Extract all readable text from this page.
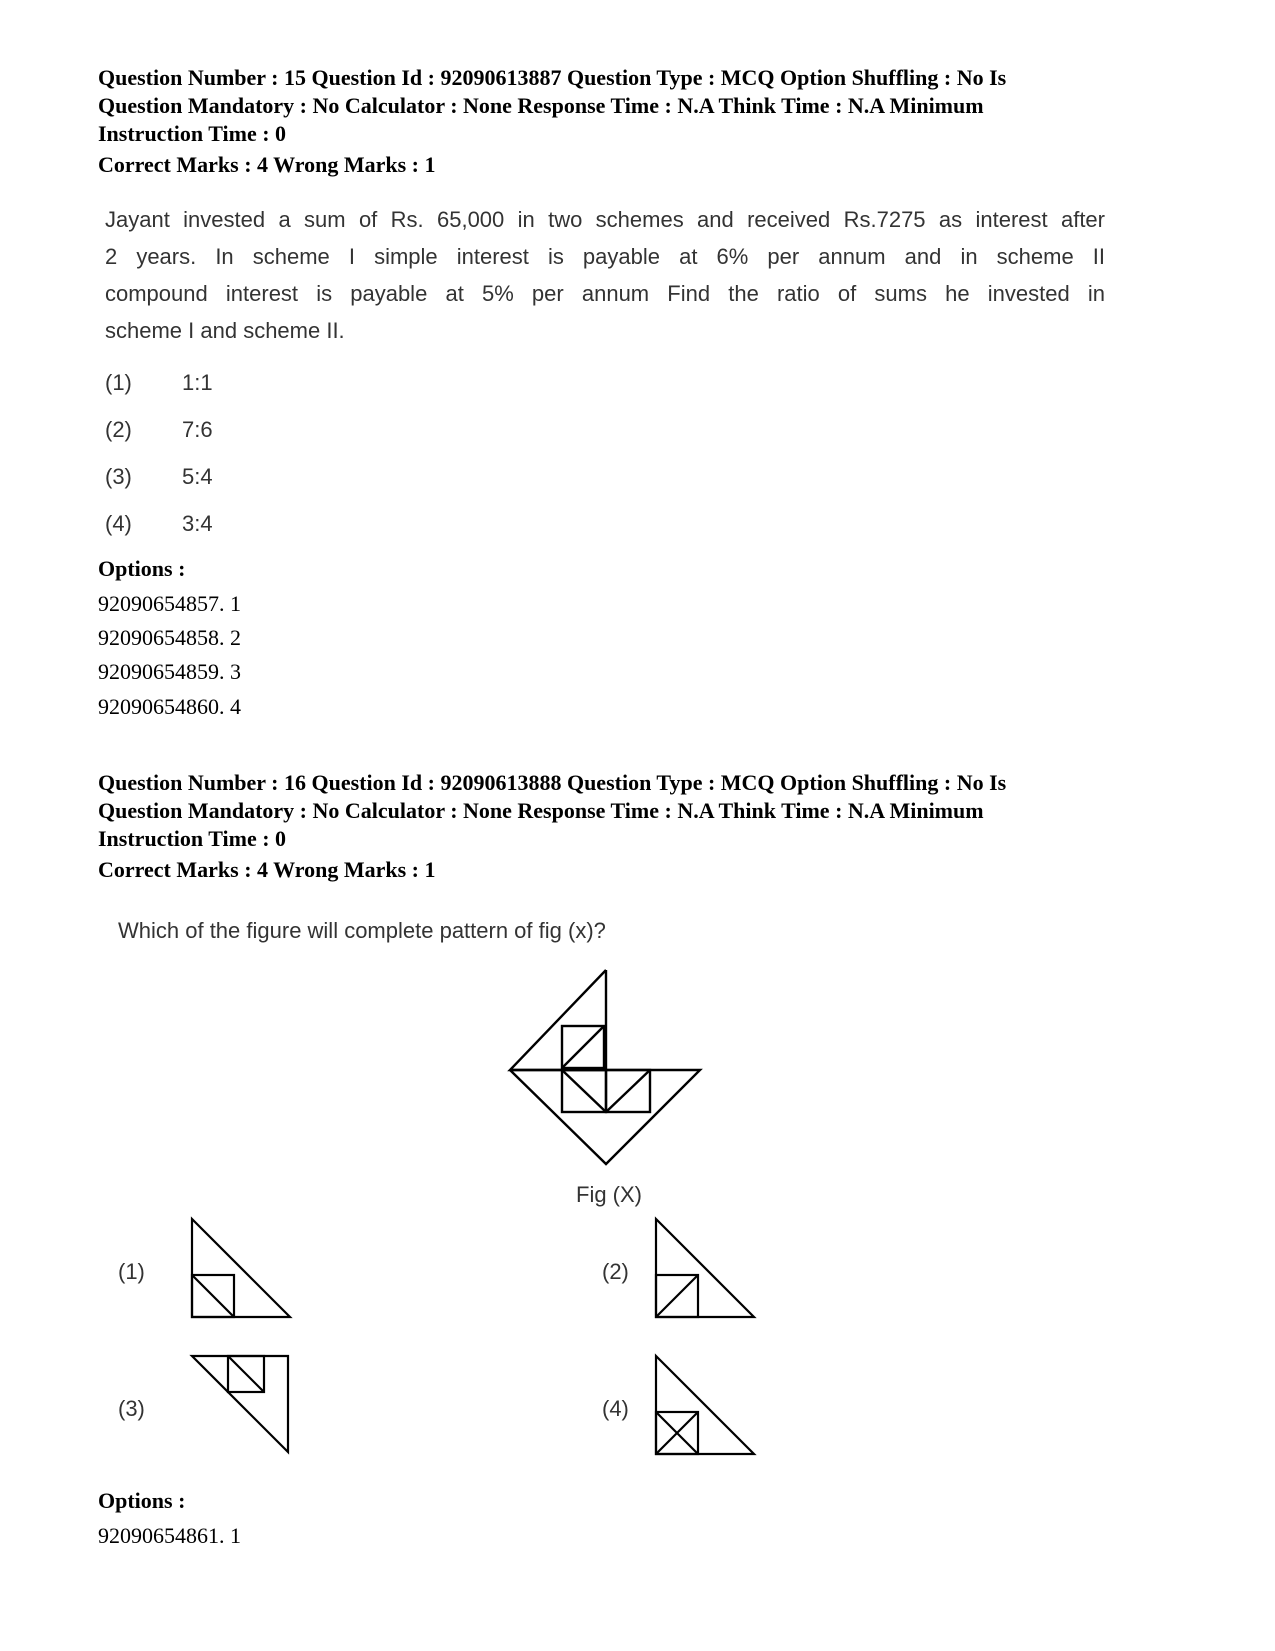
Question Number : 15 Question Id : 92090613887 Question Type : MCQ Option Shuffling : No Is
Question Mandatory : No Calculator : None Response Time : N.A Think Time : N.A Minimum
Instruction Time : 0
Correct Marks : 4 Wrong Marks : 1
Jayant invested a sum of Rs. 65,000 in two schemes and received Rs.7275 as interest after
2 years. In scheme I simple interest is payable at 6% per annum and in scheme II
compound interest is payable at 5% per annum Find the ratio of sums he invested in
scheme I and scheme II.
(1) 1:1
(2) 7:6
(3) 5:4
(4) 3:4
Options :
92090654857. 1
92090654858. 2
92090654859. 3
92090654860. 4
Question Number : 16 Question Id : 92090613888 Question Type : MCQ Option Shuffling : No Is
Question Mandatory : No Calculator : None Response Time : N.A Think Time : N.A Minimum
Instruction Time : 0
Correct Marks : 4 Wrong Marks : 1
Which of the figure will complete pattern of fig (x)?
Fig (X)
(1)	(2)
(3)	(4)
Options :
92090654861. 1
